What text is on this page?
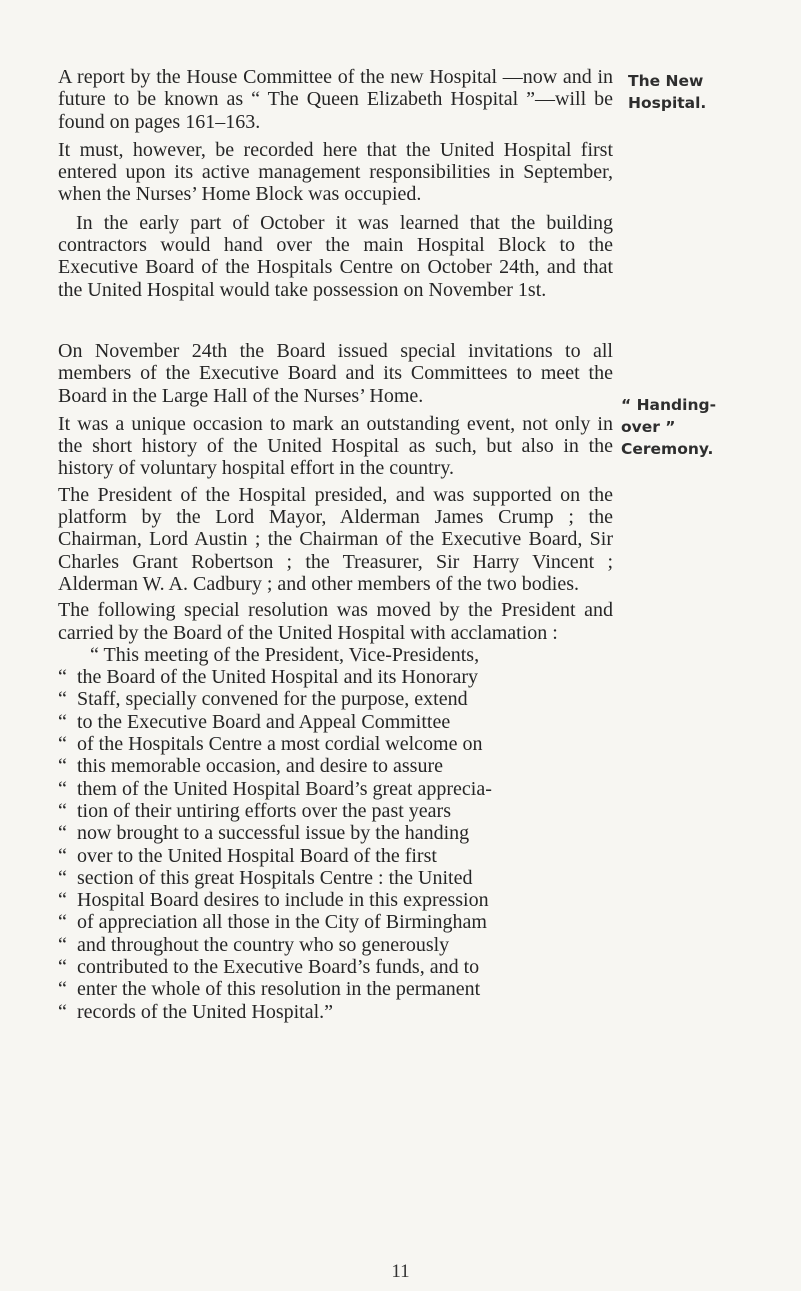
The New
Hospital.
“ Handing-
over ”
Ceremony.

A report by the House Committee of the new Hospital —now and in future to be known as “ The Queen Elizabeth Hospital ”—will be found on pages 161–163.

It must, however, be recorded here that the United Hospital first entered upon its active management responsibilities in September, when the Nurses’ Home Block was occupied.

In the early part of October it was learned that the building contractors would hand over the main Hospital Block to the Executive Board of the Hospitals Centre on October 24th, and that the United Hospital would take possession on November 1st.

On November 24th the Board issued special invitations to all members of the Executive Board and its Committees to meet the Board in the Large Hall of the Nurses’ Home.

It was a unique occasion to mark an outstanding event, not only in the short history of the United Hospital as such, but also in the history of voluntary hospital effort in the country.

The President of the Hospital presided, and was supported on the platform by the Lord Mayor, Alderman James Crump ; the Chairman, Lord Austin ; the Chairman of the Executive Board, Sir Charles Grant Robertson ; the Treasurer, Sir Harry Vincent ; Alderman W. A. Cadbury ; and other members of the two bodies.

The following special resolution was moved by the President and carried by the Board of the United Hospital with acclamation :

“ This meeting of the President, Vice-Presidents,

“ the Board of the United Hospital and its Honorary

“ Staff, specially convened for the purpose, extend

“ to the Executive Board and Appeal Committee

“ of the Hospitals Centre a most cordial welcome on

“ this memorable occasion, and desire to assure

“ them of the United Hospital Board’s great apprecia-

“ tion of their untiring efforts over the past years

“ now brought to a successful issue by the handing

“ over to the United Hospital Board of the first

“ section of this great Hospitals Centre : the United

“ Hospital Board desires to include in this expression

“ of appreciation all those in the City of Birmingham

“ and throughout the country who so generously

“ contributed to the Executive Board’s funds, and to

“ enter the whole of this resolution in the permanent

“ records of the United Hospital.”

11
